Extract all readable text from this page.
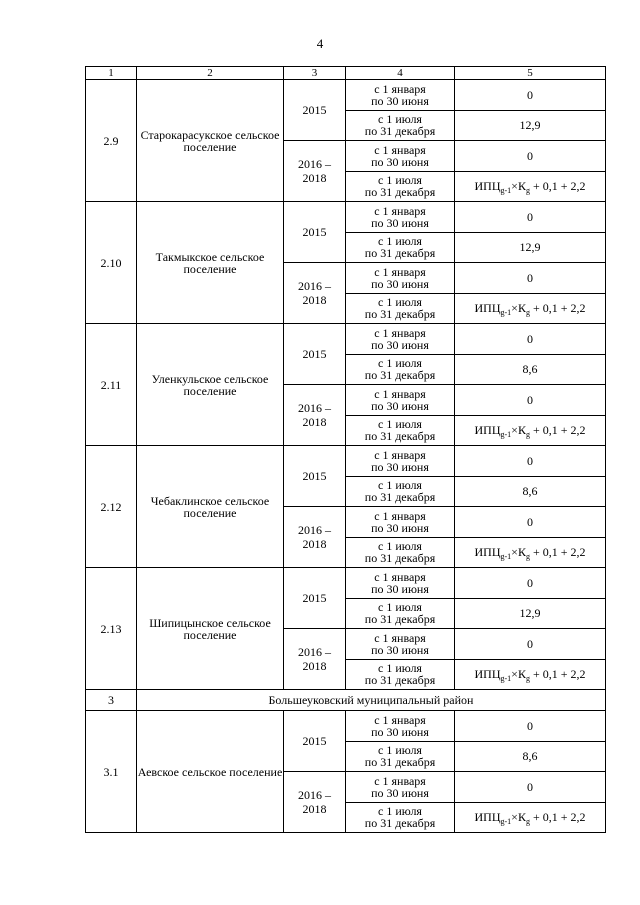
4
1	2	3	4	5
2.9	Старокарасукское сельское поселение	2015	с 1 января
по 30 июня	0

			с 1 июля
по 31 декабря	12,9

		2016 –
2018	с 1 января
по 30 июня	0

			с 1 июля
по 31 декабря	$ИПЦ_{g-1}\times К_g + 0,1 + 2,2$
2.10	Такмыкское сельское поселение	2015	с 1 января
по 30 июня	0

			с 1 июля
по 31 декабря	12,9

		2016 –
2018	с 1 января
по 30 июня	0

			с 1 июля
по 31 декабря	$ИПЦ_{g-1}\times К_g + 0,1 + 2,2$
2.11	Уленкульское сельское поселение	2015	с 1 января
по 30 июня	0

			с 1 июля
по 31 декабря	8,6

		2016 –
2018	с 1 января
по 30 июня	0

			с 1 июля
по 31 декабря	$ИПЦ_{g-1}\times К_g + 0,1 + 2,2$
2.12	Чебаклинское сельское поселение	2015	с 1 января
по 30 июня	0

			с 1 июля
по 31 декабря	8,6

		2016 –
2018	с 1 января
по 30 июня	0

			с 1 июля
по 31 декабря	$ИПЦ_{g-1}\times К_g + 0,1 + 2,2$
2.13	Шипицынское сельское поселение	2015	с 1 января
по 30 июня	0

			с 1 июля
по 31 декабря	12,9

		2016 –
2018	с 1 января
по 30 июня	0

			с 1 июля
по 31 декабря	$ИПЦ_{g-1}\times К_g + 0,1 + 2,2$
3	Большеуковский муниципальный район			
3.1	Аевское сельское поселение	2015	с 1 января
по 30 июня	0

			с 1 июля
по 31 декабря	8,6

		2016 –
2018	с 1 января
по 30 июня	0

			с 1 июля
по 31 декабря	$ИПЦ_{g-1}\times К_g + 0,1 + 2,2$
